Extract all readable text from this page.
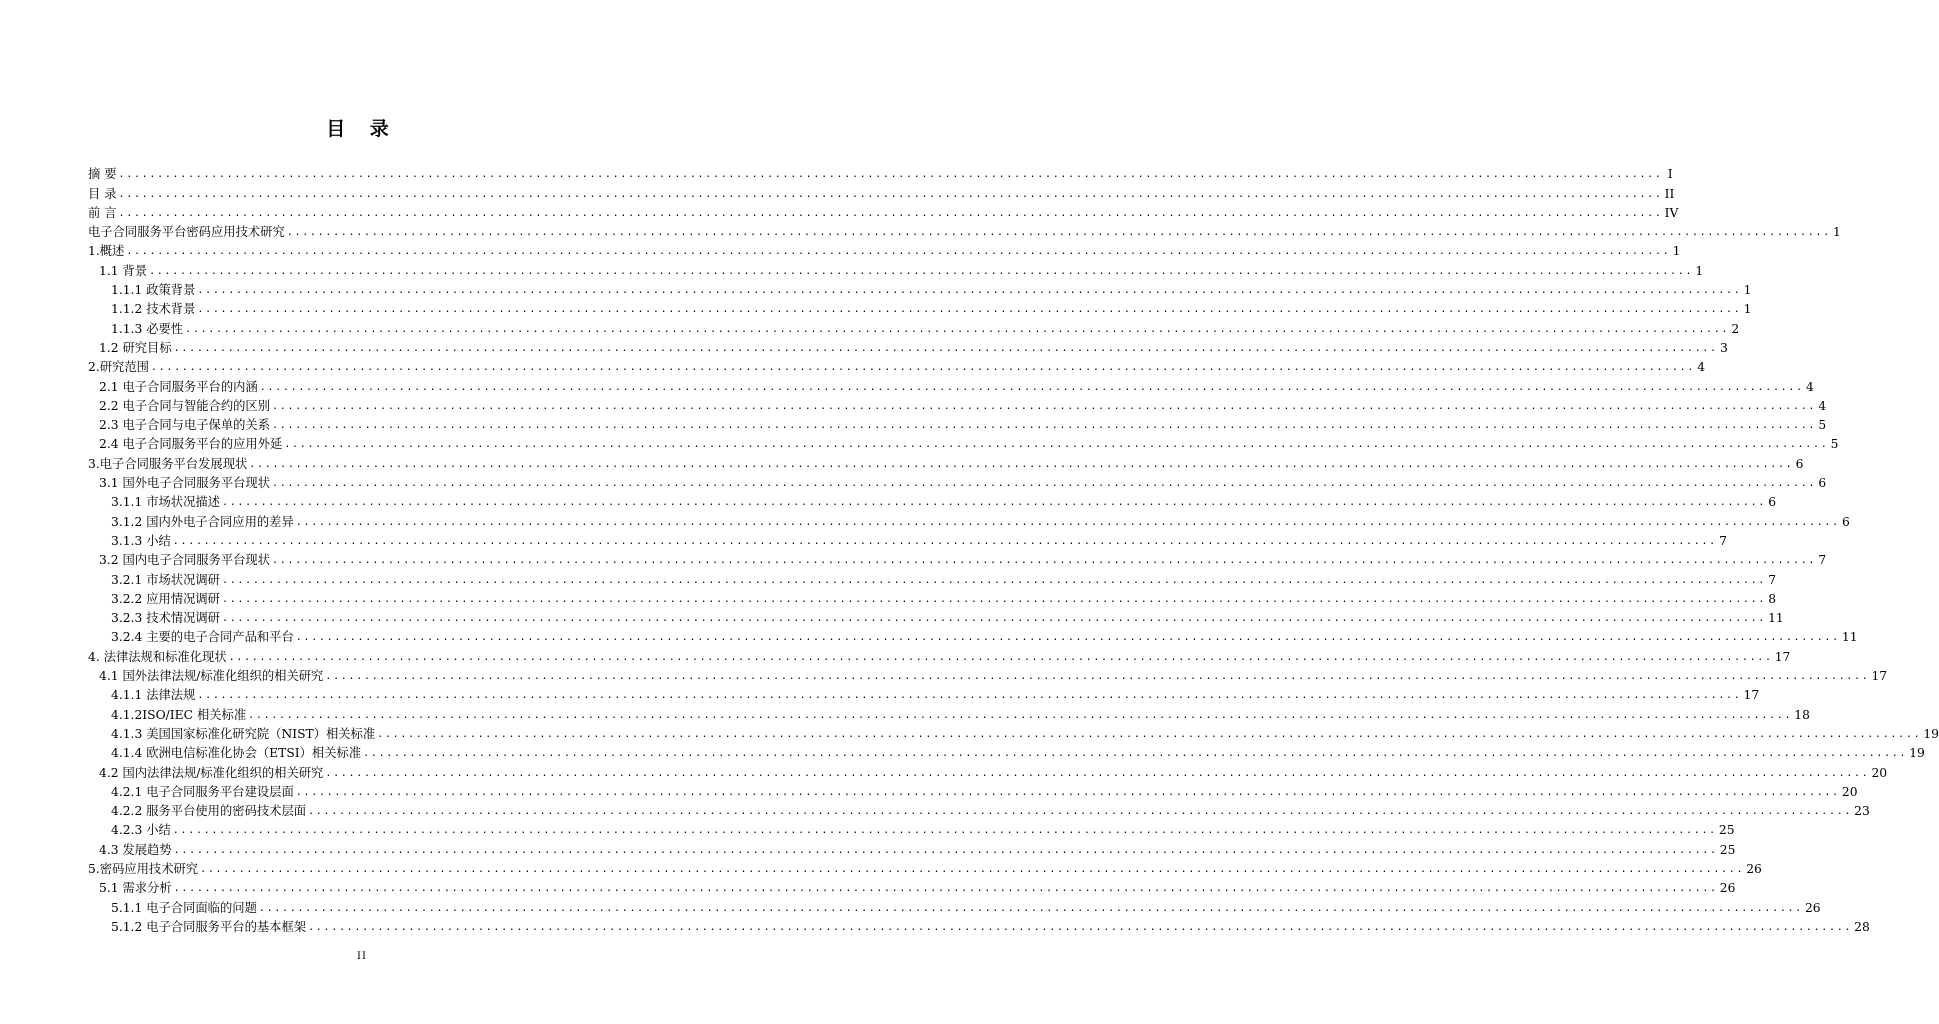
目 录
摘 要 ........................................................................................................................................................................................................ I
目 录 ........................................................................................................................................................................................................ II
前 言 ........................................................................................................................................................................................................ IV
电子合同服务平台密码应用技术研究 ........................................................................................................................................................................................................ 1
1.概述 ........................................................................................................................................................................................................ 1
1.1 背景 ........................................................................................................................................................................................................ 1
1.1.1 政策背景 ........................................................................................................................................................................................................ 1
1.1.2 技术背景 ........................................................................................................................................................................................................ 1
1.1.3 必要性 ........................................................................................................................................................................................................ 2
1.2 研究目标 ........................................................................................................................................................................................................ 3
2.研究范围 ........................................................................................................................................................................................................ 4
2.1 电子合同服务平台的内涵 ........................................................................................................................................................................................................ 4
2.2 电子合同与智能合约的区别 ........................................................................................................................................................................................................ 4
2.3 电子合同与电子保单的关系 ........................................................................................................................................................................................................ 5
2.4 电子合同服务平台的应用外延 ........................................................................................................................................................................................................ 5
3.电子合同服务平台发展现状 ........................................................................................................................................................................................................ 6
3.1 国外电子合同服务平台现状 ........................................................................................................................................................................................................ 6
3.1.1 市场状况描述 ........................................................................................................................................................................................................ 6
3.1.2 国内外电子合同应用的差异 ........................................................................................................................................................................................................ 6
3.1.3 小结 ........................................................................................................................................................................................................ 7
3.2 国内电子合同服务平台现状 ........................................................................................................................................................................................................ 7
3.2.1 市场状况调研 ........................................................................................................................................................................................................ 7
3.2.2 应用情况调研 ........................................................................................................................................................................................................ 8
3.2.3 技术情况调研 ........................................................................................................................................................................................................ 11
3.2.4 主要的电子合同产品和平台 ........................................................................................................................................................................................................ 11
4. 法律法规和标准化现状 ........................................................................................................................................................................................................ 17
4.1 国外法律法规/标准化组织的相关研究 ........................................................................................................................................................................................................ 17
4.1.1 法律法规 ........................................................................................................................................................................................................ 17
4.1.2ISO/IEC 相关标准 ........................................................................................................................................................................................................ 18
4.1.3 美国国家标准化研究院（NIST）相关标准 ........................................................................................................................................................................................................ 19
4.1.4 欧洲电信标准化协会（ETSI）相关标准 ........................................................................................................................................................................................................ 19
4.2 国内法律法规/标准化组织的相关研究 ........................................................................................................................................................................................................ 20
4.2.1 电子合同服务平台建设层面 ........................................................................................................................................................................................................ 20
4.2.2 服务平台使用的密码技术层面 ........................................................................................................................................................................................................ 23
4.2.3 小结 ........................................................................................................................................................................................................ 25
4.3 发展趋势 ........................................................................................................................................................................................................ 25
5.密码应用技术研究 ........................................................................................................................................................................................................ 26
5.1 需求分析 ........................................................................................................................................................................................................ 26
5.1.1 电子合同面临的问题 ........................................................................................................................................................................................................ 26
5.1.2 电子合同服务平台的基本框架 ........................................................................................................................................................................................................ 28
II
